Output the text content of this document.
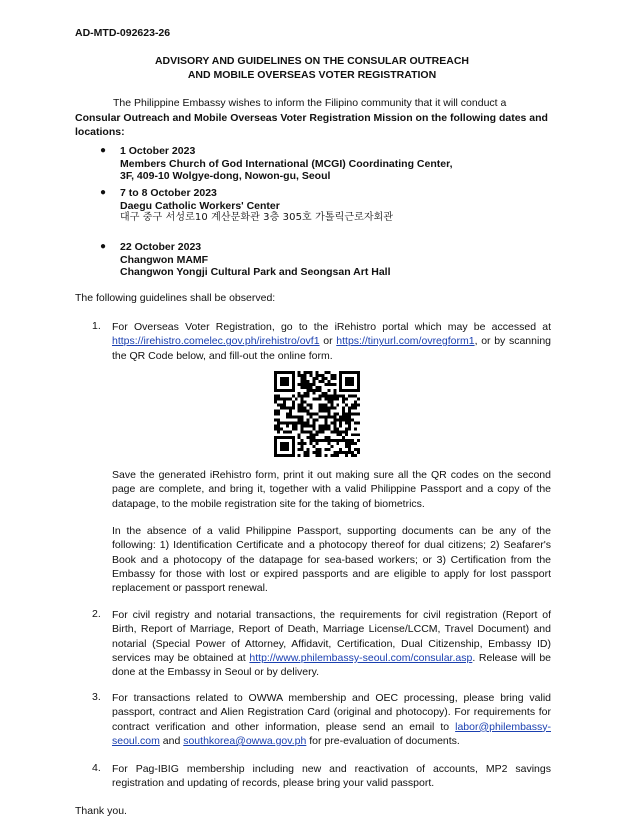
AD-MTD-092623-26
ADVISORY AND GUIDELINES ON THE CONSULAR OUTREACH
AND MOBILE OVERSEAS VOTER REGISTRATION
The Philippine Embassy wishes to inform the Filipino community that it will conduct a Consular Outreach and Mobile Overseas Voter Registration Mission on the following dates and locations:
● 1 October 2023
Members Church of God International (MCGI) Coordinating Center,
3F, 409-10 Wolgye-dong, Nowon-gu, Seoul
● 7 to 8 October 2023
Daegu Catholic Workers' Center
대구 중구 서성로10 계산문화관 3층 305호 가톨릭근로자회관
● 22 October 2023
Changwon MAMF
Changwon Yongji Cultural Park and Seongsan Art Hall
The following guidelines shall be observed:
1. For Overseas Voter Registration, go to the iRehistro portal which may be accessed at https://irehistro.comelec.gov.ph/irehistro/ovf1 or https://tinyurl.com/ovregform1, or by scanning the QR Code below, and fill-out the online form.
Save the generated iRehistro form, print it out making sure all the QR codes on the second page are complete, and bring it, together with a valid Philippine Passport and a copy of the datapage, to the mobile registration site for the taking of biometrics.
In the absence of a valid Philippine Passport, supporting documents can be any of the following: 1) Identification Certificate and a photocopy thereof for dual citizens; 2) Seafarer's Book and a photocopy of the datapage for sea-based workers; or 3) Certification from the Embassy for those with lost or expired passports and are eligible to apply for lost passport replacement or passport renewal.
2. For civil registry and notarial transactions, the requirements for civil registration (Report of Birth, Report of Marriage, Report of Death, Marriage License/LCCM, Travel Document) and notarial (Special Power of Attorney, Affidavit, Certification, Dual Citizenship, Embassy ID) services may be obtained at http://www.philembassy-seoul.com/consular.asp. Release will be done at the Embassy in Seoul or by delivery.
3. For transactions related to OWWA membership and OEC processing, please bring valid passport, contract and Alien Registration Card (original and photocopy). For requirements for contract verification and other information, please send an email to labor@philembassy-seoul.com and southkorea@owwa.gov.ph for pre-evaluation of documents.
4. For Pag-IBIG membership including new and reactivation of accounts, MP2 savings registration and updating of records, please bring your valid passport.
Thank you.
